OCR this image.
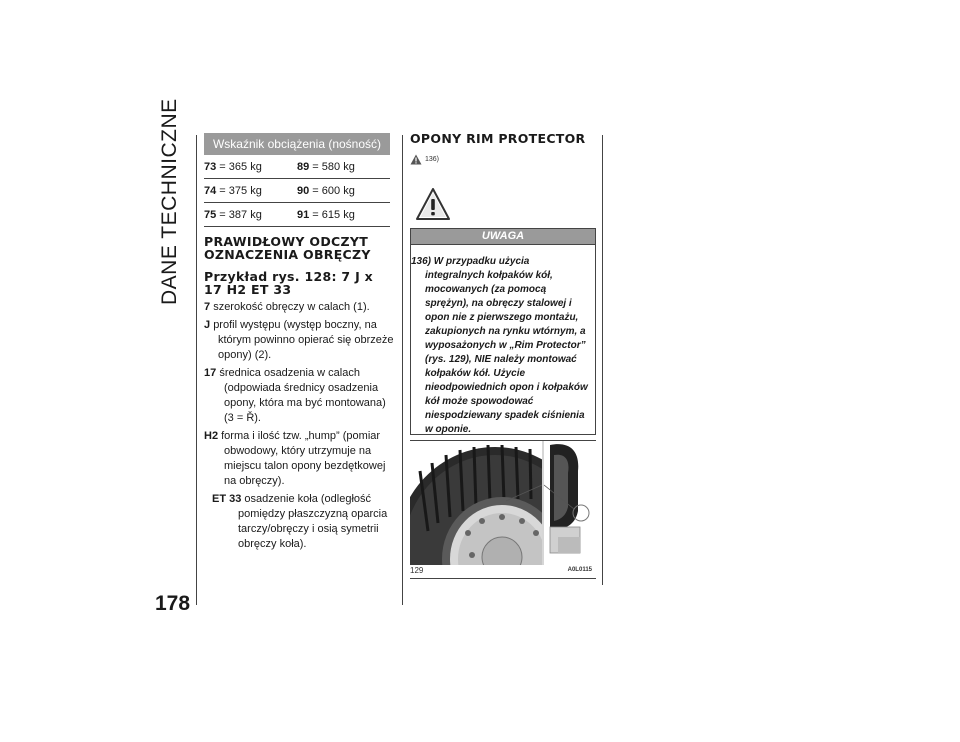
DANE TECHNICZNE
178
Wskaźnik obciążenia (nośność)
73 = 365 kg	89 = 580 kg
74 = 375 kg	90 = 600 kg
75 = 387 kg	91 = 615 kg

PRAWIDŁOWY ODCZYT
OZNACZENIA OBRĘCZY

Przykład rys. 128: 7 J x
17 H2 ET 33

7 szerokość obręczy w calach (1).
J profil występu (występ boczny, na którym powinno opierać się obrzeże opony) (2).
17 średnica osadzenia w calach (odpowiada średnicy osadzenia opony, która ma być montowana) (3 = Ř).
H2 forma i ilość tzw. „hump” (pomiar obwodowy, który utrzymuje na miejscu talon opony bezdętkowej na obręczy).
ET 33 osadzenie koła (odległość pomiędzy płaszczyzną oparcia tarczy/obręczy i osią symetrii obręczy koła).

OPONY RIM PROTECTOR

136)
UWAGA
136) W przypadku użycia integralnych kołpaków kół, mocowanych (za pomocą sprężyn), na obręczy stalowej i opon nie z pierwszego montażu, zakupionych na rynku wtórnym, a wyposażonych w „Rim Protector” (rys. 129), NIE należy montować kołpaków kół. Użycie nieodpowiednich opon i kołpaków kół może spowodować niespodziewany spadek ciśnienia w oponie.
129	A0L0115
